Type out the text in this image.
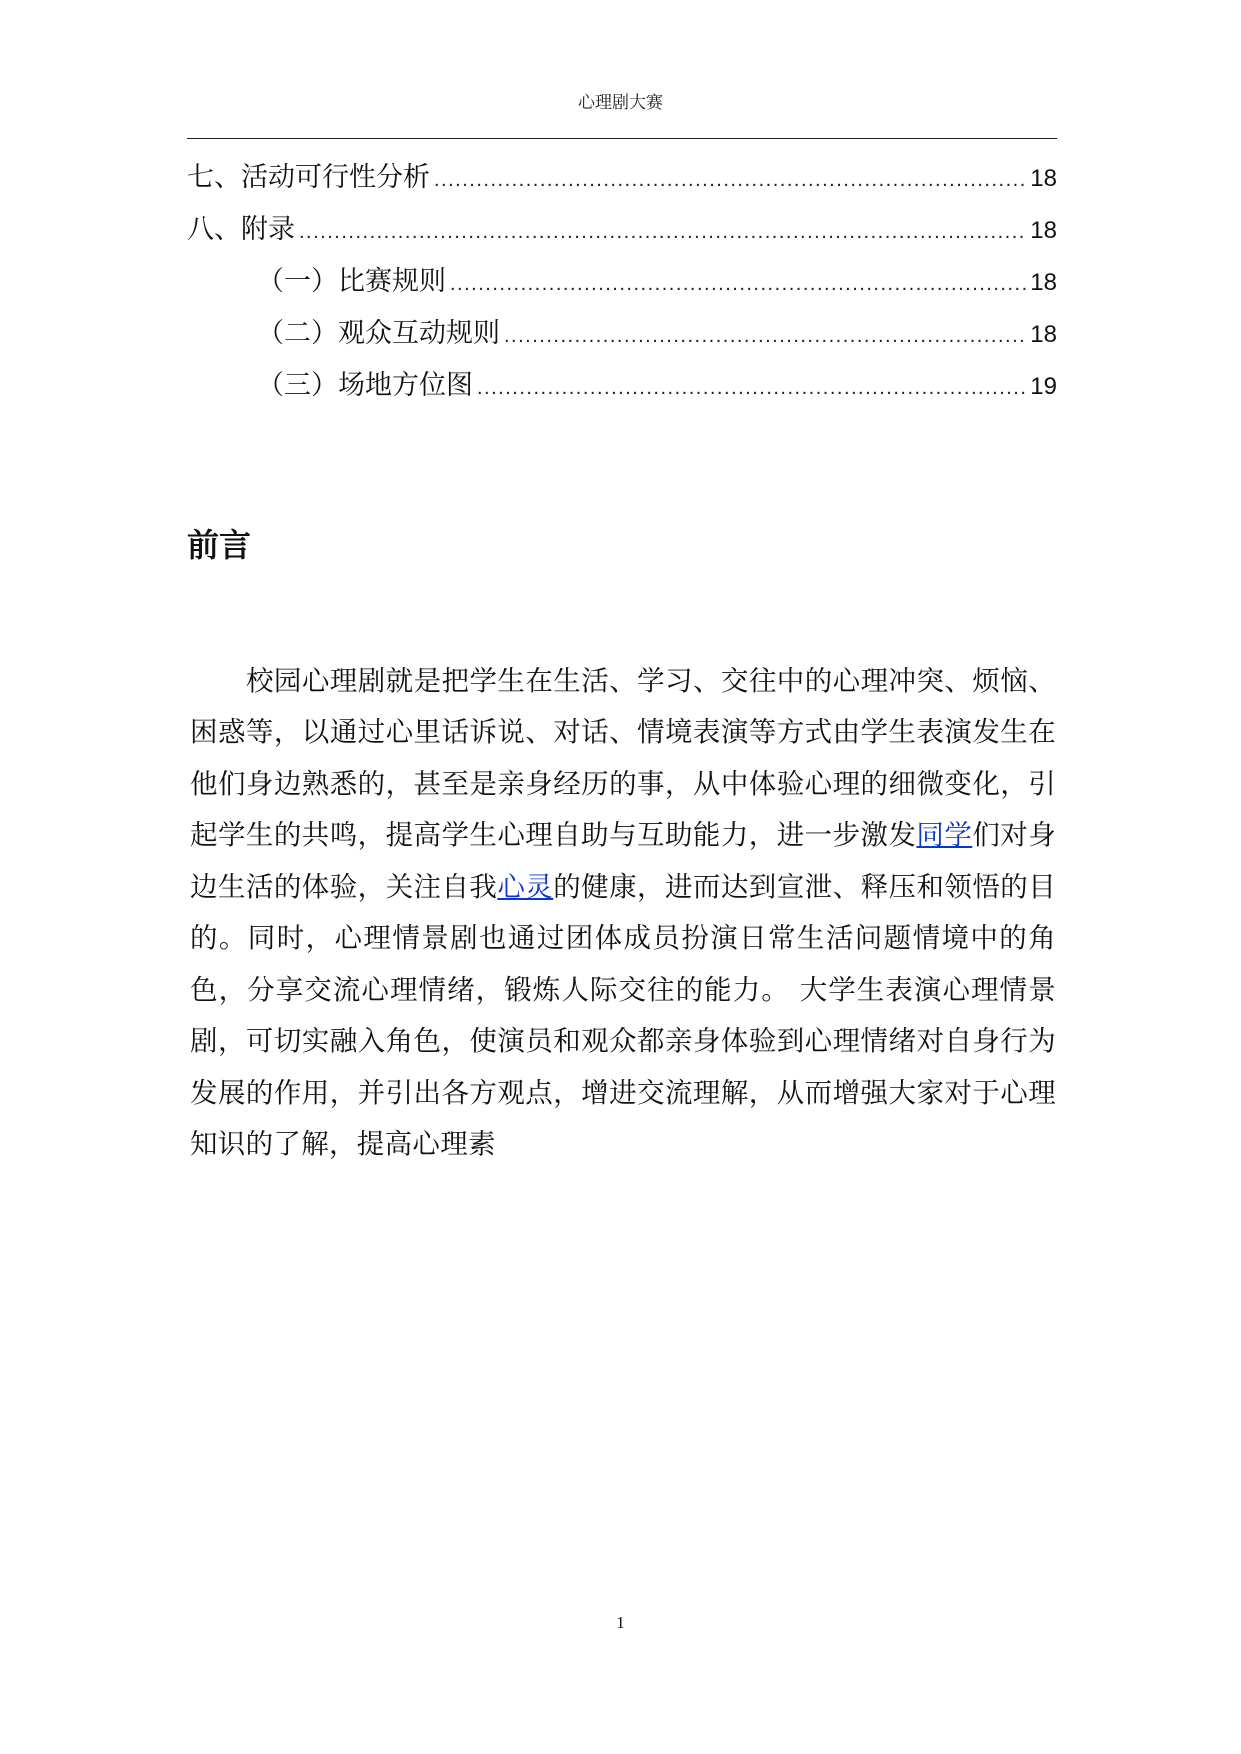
心理剧大赛
七、活动可行性分析 .....	18
八、附录 .....	18
（一）比赛规则 .....	18
（二）观众互动规则 .....	18
（三）场地方位图 .....	19
前言

校园心理剧就是把学生在生活、学习、交往中的心理冲突、烦恼、困惑等，以通过心里话诉说、对话、情境表演等方式由学生表演发生在他们身边熟悉的，甚至是亲身经历的事，从中体验心理的细微变化，引起学生的共鸣，提高学生心理自助与互助能力，进一步激发同学们对身边生活的体验，关注自我心灵的健康，进而达到宣泄、释压和领悟的目的。同时，心理情景剧也通过团体成员扮演日常生活问题情境中的角色，分享交流心理情绪，锻炼人际交往的能力。 大学生表演心理情景剧，可切实融入角色，使演员和观众都亲身体验到心理情绪对自身行为发展的作用，并引出各方观点，增进交流理解，从而增强大家对于心理知识的了解，提高心理素

1
